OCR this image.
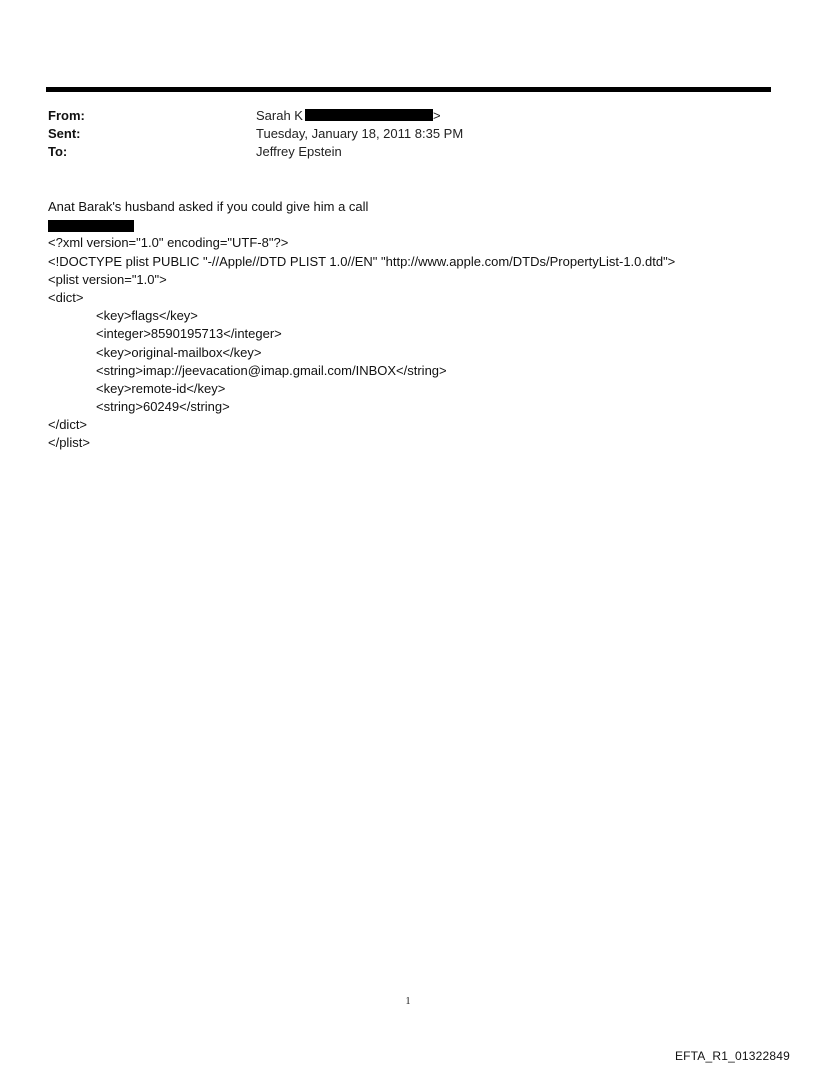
From:	Sarah K	>
Sent:	Tuesday, January 18, 2011 8:35 PM
To:	Jeffrey Epstein
Anat Barak's husband asked if you could give him a call
<?xml version="1.0" encoding="UTF-8"?>
<!DOCTYPE plist PUBLIC "-//Apple//DTD PLIST 1.0//EN" "http://www.apple.com/DTDs/PropertyList-1.0.dtd">
<plist version="1.0">
<dict>
<key>flags</key>
<integer>8590195713</integer>
<key>original-mailbox</key>
<string>imap://jeevacation@imap.gmail.com/INBOX</string>
<key>remote-id</key>
<string>60249</string>
</dict>
</plist>
1
EFTA_R1_01322849
